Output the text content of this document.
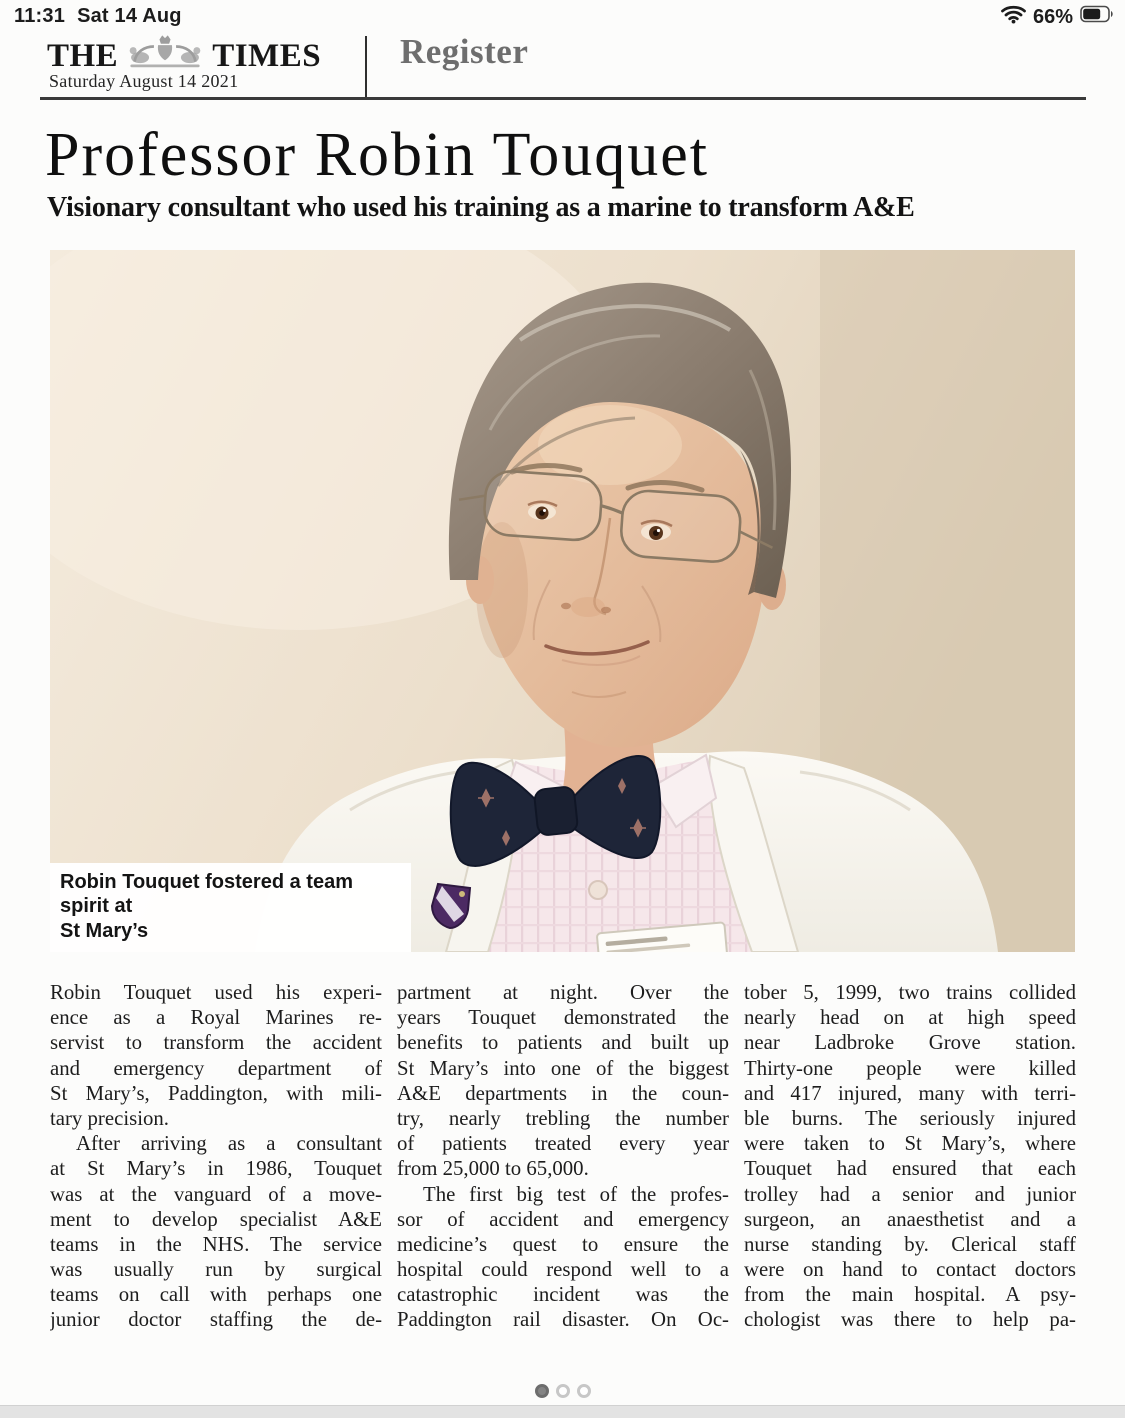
11:31 Sat 14 Aug	66%
THE	TIMES
Saturday August 14 2021
Register
Professor Robin Touquet
Visionary consultant who used his training as a marine to transform A&E
Robin Touquet fostered a team spirit at
St Mary’s
Robin Touquet used his experi-
ence as a Royal Marines re-
servist to transform the accident
and emergency department of
St Mary’s, Paddington, with mili-
tary precision.
After arriving as a consultant
at St Mary’s in 1986, Touquet
was at the vanguard of a move-
ment to develop specialist A&E
teams in the NHS. The service
was usually run by surgical
teams on call with perhaps one
junior doctor staffing the de-
partment at night. Over the
years Touquet demonstrated the
benefits to patients and built up
St Mary’s into one of the biggest
A&E departments in the coun-
try, nearly trebling the number
of patients treated every year
from 25,000 to 65,000.
The first big test of the profes-
sor of accident and emergency
medicine’s quest to ensure the
hospital could respond well to a
catastrophic incident was the
Paddington rail disaster. On Oc-
tober 5, 1999, two trains collided
nearly head on at high speed
near Ladbroke Grove station.
Thirty-one people were killed
and 417 injured, many with terri-
ble burns. The seriously injured
were taken to St Mary’s, where
Touquet had ensured that each
trolley had a senior and junior
surgeon, an anaesthetist and a
nurse standing by. Clerical staff
were on hand to contact doctors
from the main hospital. A psy-
chologist was there to help pa-
